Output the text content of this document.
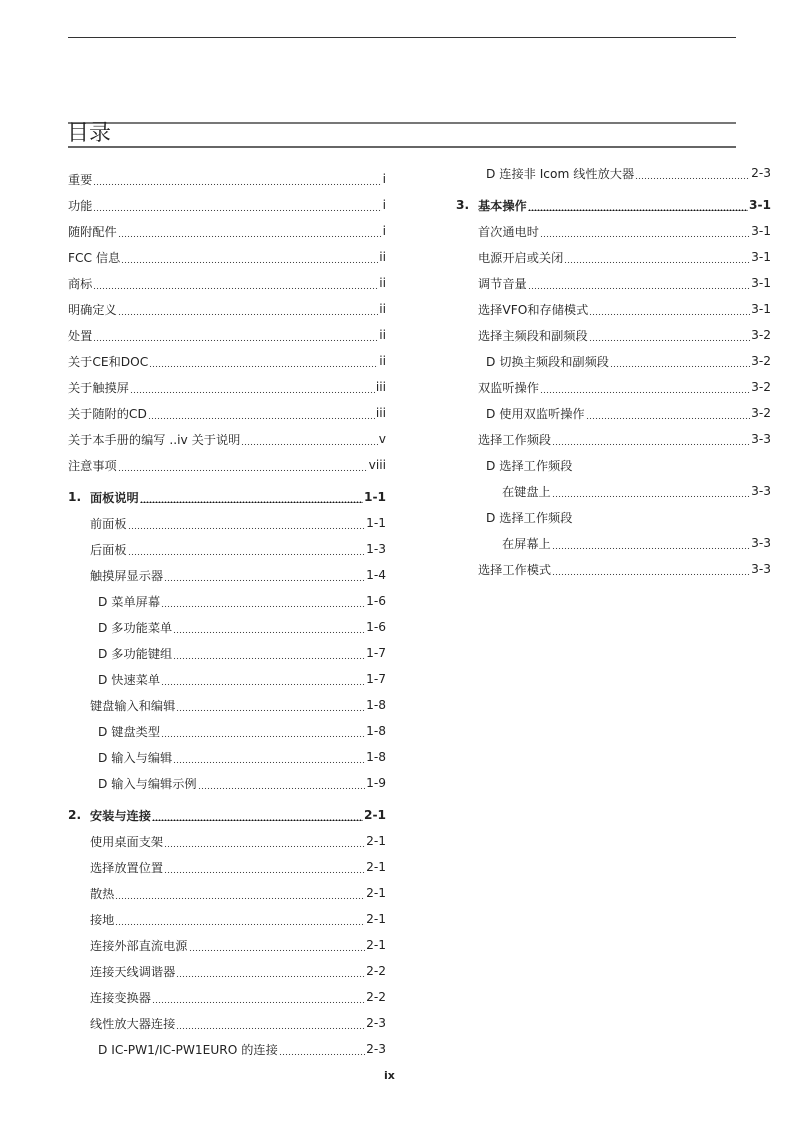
目录
重要	i
功能	i
随附配件	i
FCC 信息	ii
商标	ii
明确定义	ii
处置	ii
关于CE和DOC	ii
关于触摸屏	iii
关于随附的CD	iii
关于本手册的编写 ..iv 关于说明	v
注意事项	viii
1. 面板说明	1-1
前面板	1-1
后面板	1-3
触摸屏显示器	1-4
D 菜单屏幕	1-6
D 多功能菜单	1-6
D 多功能键组	1-7
D 快速菜单	1-7
键盘输入和编辑	1-8
D 键盘类型	1-8
D 输入与编辑	1-8
D 输入与编辑示例	1-9
2. 安装与连接	2-1
使用桌面支架	2-1
选择放置位置	2-1
散热	2-1
接地	2-1
连接外部直流电源	2-1
连接天线调谐器	2-2
连接变换器	2-2
线性放大器连接	2-3
D IC-PW1/IC-PW1EURO 的连接	2-3
D 连接非 Icom 线性放大器	2-3
3. 基本操作	3-1
首次通电时	3-1
电源开启或关闭	3-1
调节音量	3-1
选择VFO和存储模式	3-1
选择主频段和副频段	3-2
D 切换主频段和副频段	3-2
双监听操作	3-2
D 使用双监听操作	3-2
选择工作频段	3-3
D 选择工作频段
在键盘上	3-3
D 选择工作频段
在屏幕上	3-3
选择工作模式	3-3
ix
